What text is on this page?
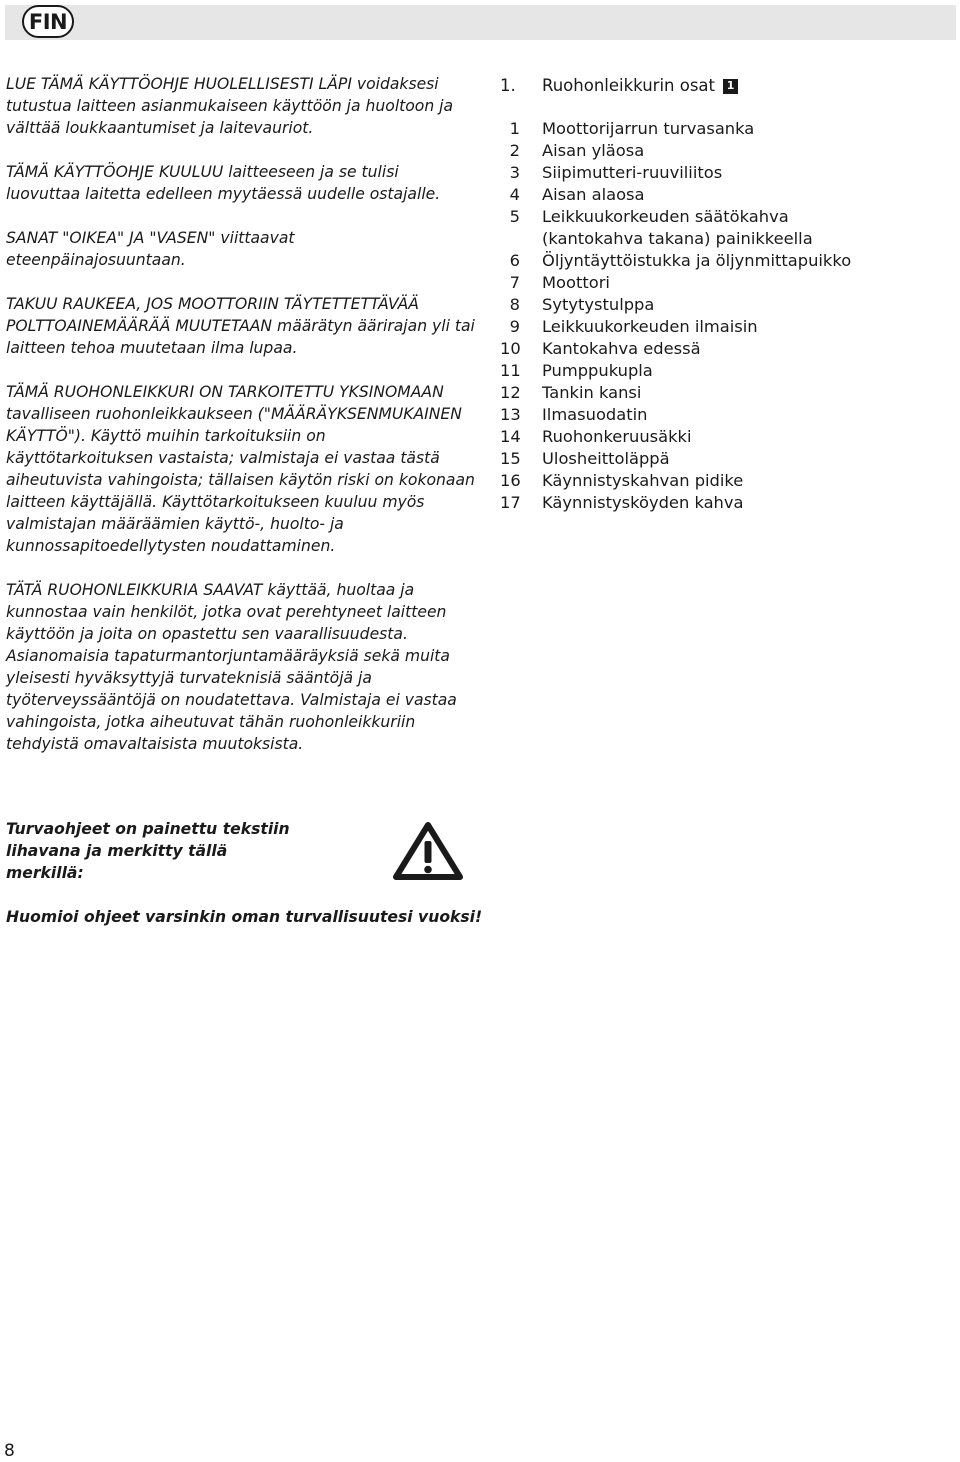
FIN

LUE TÄMÄ KÄYTTÖOHJE HUOLELLISESTI LÄPI voidaksesi tutustua laitteen asianmukaiseen käyttöön ja huoltoon ja välttää loukkaantumiset ja laitevauriot.

TÄMÄ KÄYTTÖOHJE KUULUU laitteeseen ja se tulisi luovuttaa laitetta edelleen myytäessä uudelle ostajalle.

SANAT "OIKEA" JA "VASEN" viittaavat eteenpäinajosuuntaan.

TAKUU RAUKEEA, JOS MOOTTORIIN TÄYTETTETTÄVÄÄ POLTTOAINEMÄÄRÄÄ MUUTETAAN määrätyn äärirajan yli tai laitteen tehoa muutetaan ilma lupaa.

TÄMÄ RUOHONLEIKKURI ON TARKOITETTU YKSINOMAAN tavalliseen ruohonleikkaukseen ("MÄÄRÄYKSENMUKAINEN KÄYTTÖ"). Käyttö muihin tarkoituksiin on käyttötarkoituksen vastaista; valmistaja ei vastaa tästä aiheutuvista vahingoista; tällaisen käytön riski on kokonaan laitteen käyttäjällä. Käyttötarkoitukseen kuuluu myös valmistajan määräämien käyttö-, huolto- ja kunnossapitoedellytysten noudattaminen.

TÄTÄ RUOHONLEIKKURIA SAAVAT käyttää, huoltaa ja kunnostaa vain henkilöt, jotka ovat perehtyneet laitteen käyttöön ja joita on opastettu sen vaarallisuudesta. Asianomaisia tapaturmantorjuntamääräyksiä sekä muita yleisesti hyväksyttyjä turvateknisiä sääntöjä ja työterveyssääntöjä on noudatettava. Valmistaja ei vastaa vahingoista, jotka aiheutuvat tähän ruohonleikkuriin tehdyistä omavaltaisista muutoksista.

Turvaohjeet on painettu tekstiin lihavana ja merkitty tällä merkillä:
Huomioi ohjeet varsinkin oman turvallisuutesi vuoksi!
1.	Ruohonleikkurin osat	1
1 Moottorijarrun turvasanka
2 Aisan yläosa
3 Siipimutteri-ruuviliitos
4 Aisan alaosa
5 Leikkuukorkeuden säätökahva
(kantokahva takana) painikkeella
6 Öljyntäyttöistukka ja öljynmittapuikko
7 Moottori
8 Sytytystulppa
9 Leikkuukorkeuden ilmaisin
10 Kantokahva edessä
11 Pumppukupla
12 Tankin kansi
13 Ilmasuodatin
14 Ruohonkeruusäkki
15 Ulosheittoläppä
16 Käynnistyskahvan pidike
17 Käynnistysköyden kahva
8
